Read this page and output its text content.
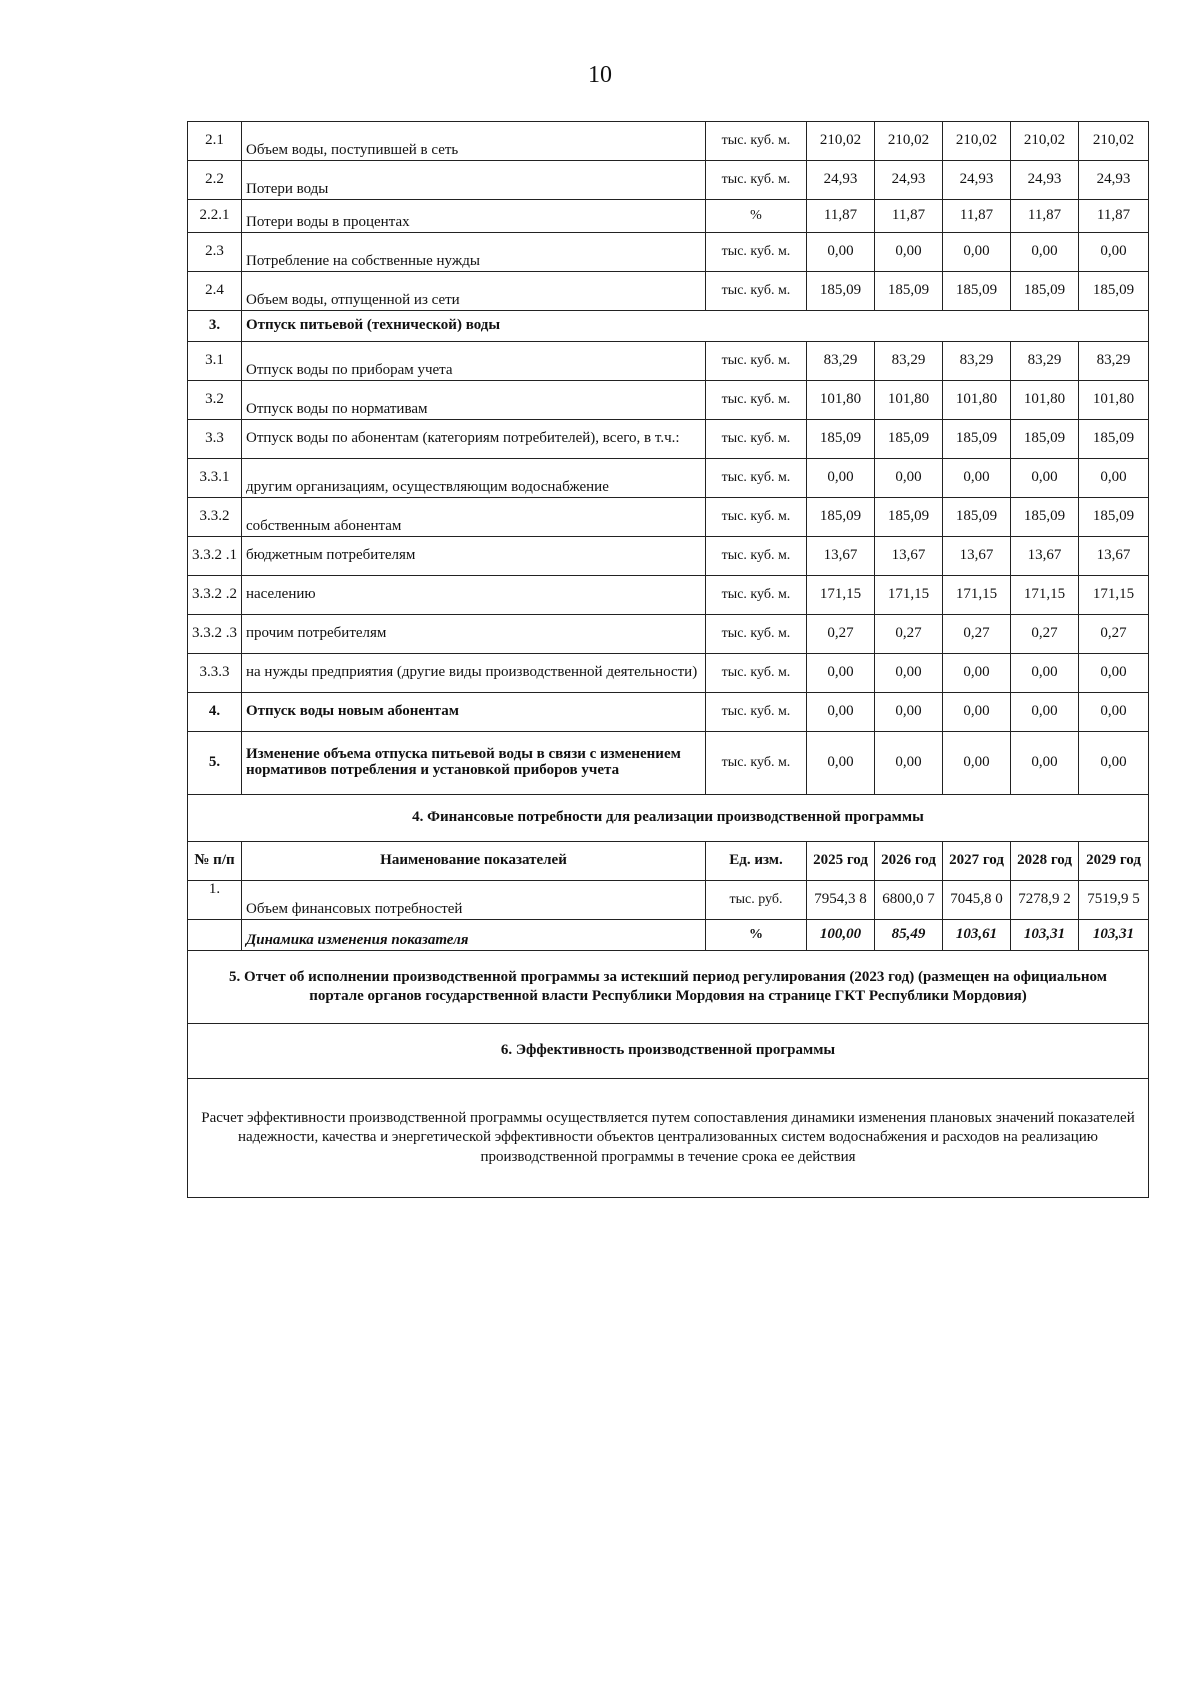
10
2.1	Объем воды, поступившей в сеть	тыс. куб. м.	210,02	210,02	210,02	210,02	210,02
2.2	Потери воды	тыс. куб. м.	24,93	24,93	24,93	24,93	24,93
2.2.1	Потери воды в процентах	%	11,87	11,87	11,87	11,87	11,87
2.3	Потребление на собственные нужды	тыс. куб. м.	0,00	0,00	0,00	0,00	0,00
2.4	Объем воды, отпущенной из сети	тыс. куб. м.	185,09	185,09	185,09	185,09	185,09
3.	Отпуск питьевой (технической) воды						
3.1	Отпуск воды по приборам учета	тыс. куб. м.	83,29	83,29	83,29	83,29	83,29
3.2	Отпуск воды по нормативам	тыс. куб. м.	101,80	101,80	101,80	101,80	101,80
3.3	Отпуск воды по абонентам (категориям потребителей), всего, в т.ч.:	тыс. куб. м.	185,09	185,09	185,09	185,09	185,09
3.3.1	другим организациям, осуществляющим водоснабжение	тыс. куб. м.	0,00	0,00	0,00	0,00	0,00
3.3.2	собственным абонентам	тыс. куб. м.	185,09	185,09	185,09	185,09	185,09
3.3.2 .1	бюджетным потребителям	тыс. куб. м.	13,67	13,67	13,67	13,67	13,67
3.3.2 .2	населению	тыс. куб. м.	171,15	171,15	171,15	171,15	171,15
3.3.2 .3	прочим потребителям	тыс. куб. м.	0,27	0,27	0,27	0,27	0,27
3.3.3	на нужды предприятия (другие виды производственной деятельности)	тыс. куб. м.	0,00	0,00	0,00	0,00	0,00
4.	Отпуск воды новым абонентам	тыс. куб. м.	0,00	0,00	0,00	0,00	0,00
5.	Изменение объема отпуска питьевой воды в связи с изменением нормативов потребления и установкой приборов учета	тыс. куб. м.	0,00	0,00	0,00	0,00	0,00
4. Финансовые потребности для реализации производственной программы							
№ п/п	Наименование показателей	Ед. изм.	2025 год	2026 год	2027 год	2028 год	2029 год
1.	Объем финансовых потребностей	тыс. руб.	7954,3 8	6800,0 7	7045,8 0	7278,9 2	7519,9 5
	Динамика изменения показателя	%	100,00	85,49	103,61	103,31	103,31
5. Отчет об исполнении производственной программы за истекший период регулирования (2023 год) (размещен на официальном портале органов государственной власти Республики Мордовия на странице ГКТ Республики Мордовия)							
6. Эффективность производственной программы							
Расчет эффективности производственной программы осуществляется путем сопоставления динамики изменения плановых значений показателей надежности, качества и энергетической эффективности объектов централизованных систем водоснабжения и расходов на реализацию производственной программы в течение срока ее действия							
